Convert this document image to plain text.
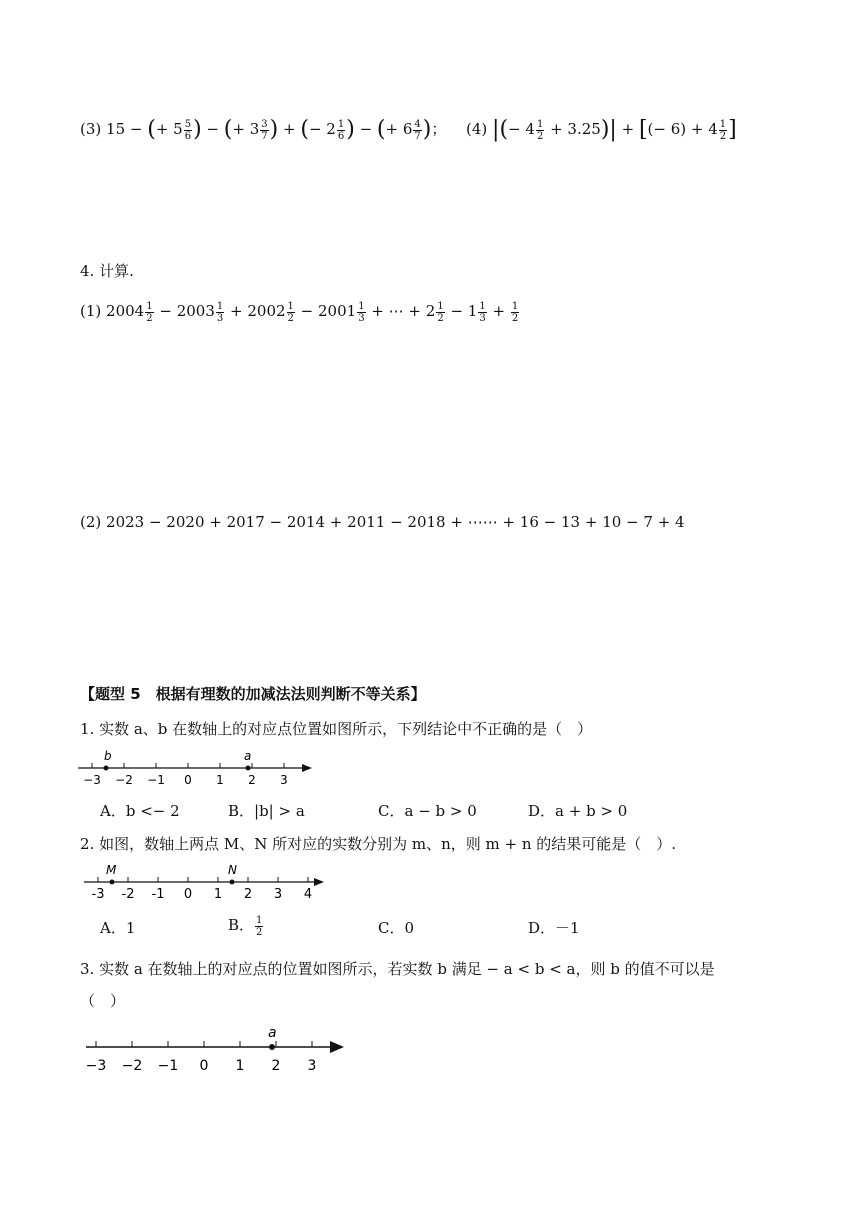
(3) 15 − (+ $5 \frac{5}{6}$ ) − (+ $3 \frac{3}{7}$ ) + (− $2 \frac{1}{6}$ ) − (+ $6 \frac{4}{7}$ )； (4) |(− $4 \frac{1}{2} + 3.25)|$ + [(− $6) + 4 \frac{1}{2}$ ]
4. 计算.
(1) $2004 \frac{1}{2} - 2003 \frac{1}{3} + 2002 \frac{1}{2} - 2001 \frac{1}{3}$ + ⋯ + $2 \frac{1}{2} - 1 \frac{1}{3} + \frac{1}{2}$
(2) 2023 − 2020 + 2017 − 2014 + 2011 − 2018 + ⋯⋯ + 16 − 13 + 10 − 7 + 4
【题型 5　根据有理数的加减法法则判断不等关系】
1. 实数 a、b 在数轴上的对应点位置如图所示，下列结论中不正确的是（　）
−3 −2 −1 0 1 2 3
b	a
A．b <− 2	B．|b| > a	C．a − b > 0	D．a + b > 0
2. 如图，数轴上两点 M、N 所对应的实数分别为 m、n，则 m + n 的结果可能是（　）.
-3 -2 -1 0 1 2 3 4
M	N
A．1	B． $\frac{1}{2}$	C．0	D．－1
3. 实数 a 在数轴上的对应点的位置如图所示，若实数 b 满足 − a < b < a，则 b 的值不可以是
（　）
−3 −2 −1 0 1 2 3
a
